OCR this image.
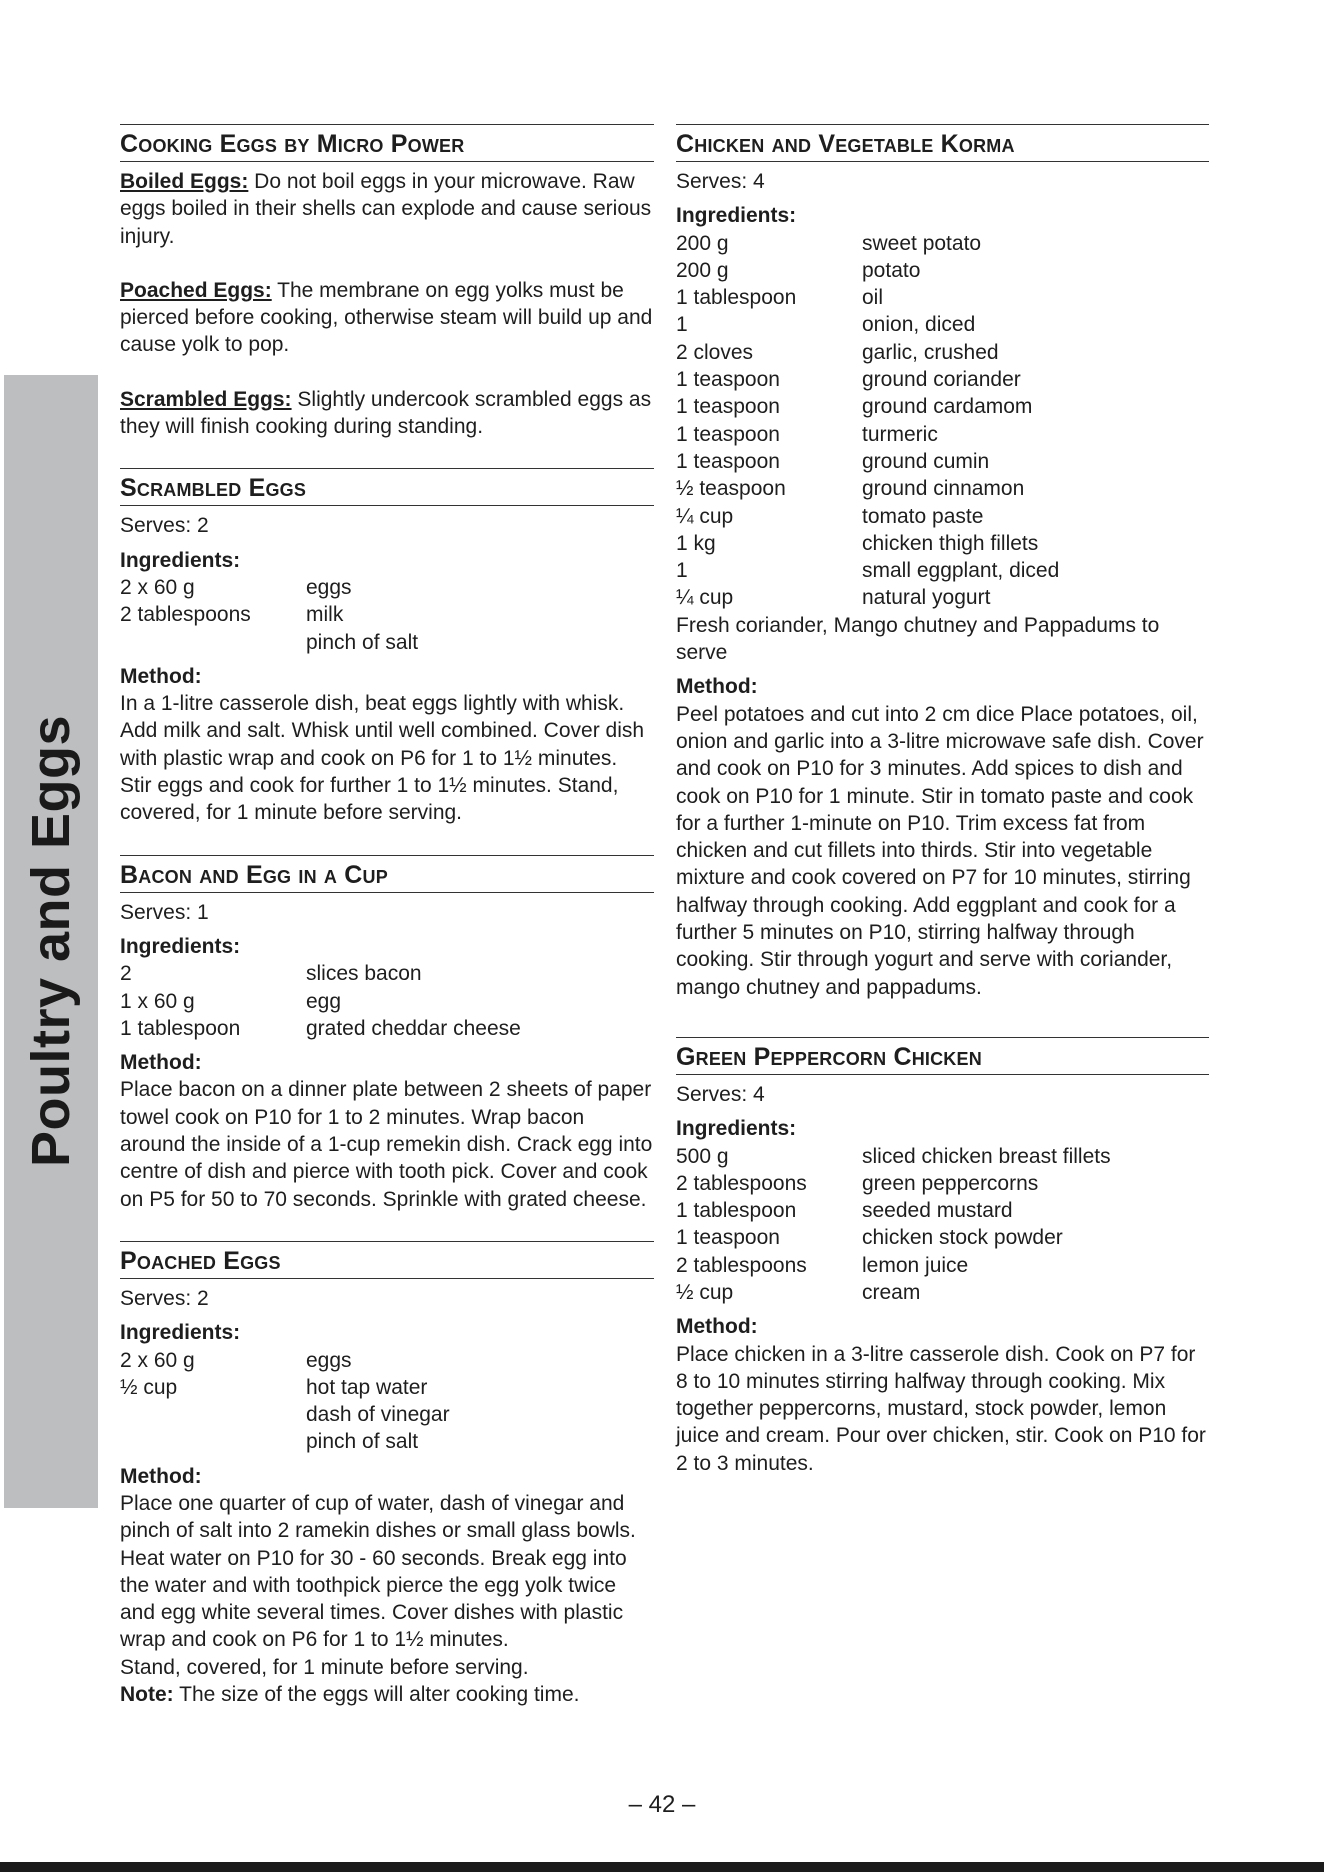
Poultry and Eggs
Cooking Eggs by Micro Power

Boiled Eggs: Do not boil eggs in your microwave. Raw eggs boiled in their shells can explode and cause serious injury.

Poached Eggs: The membrane on egg yolks must be pierced before cooking, otherwise steam will build up and cause yolk to pop.

Scrambled Eggs: Slightly undercook scrambled eggs as they will finish cooking during standing.

Scrambled Eggs
Serves: 2
Ingredients:
2 x 60 g	eggs
2 tablespoons	milk
pinch of salt
Method:
In a 1-litre casserole dish, beat eggs lightly with whisk. Add milk and salt. Whisk until well combined. Cover dish with plastic wrap and cook on P6 for 1 to 1½ minutes. Stir eggs and cook for further 1 to 1½ minutes. Stand, covered, for 1 minute before serving.
Bacon and Egg in a Cup
Serves: 1
Ingredients:
2	slices bacon
1 x 60 g	egg
1 tablespoon	grated cheddar cheese
Method:
Place bacon on a dinner plate between 2 sheets of paper towel cook on P10 for 1 to 2 minutes. Wrap bacon around the inside of a 1-cup remekin dish. Crack egg into centre of dish and pierce with tooth pick. Cover and cook on P5 for 50 to 70 seconds. Sprinkle with grated cheese.
Poached Eggs
Serves: 2
Ingredients:
2 x 60 g	eggs
½ cup	hot tap water
dash of vinegar
pinch of salt
Method:
Place one quarter of cup of water, dash of vinegar and pinch of salt into 2 ramekin dishes or small glass bowls. Heat water on P10 for 30 - 60 seconds. Break egg into the water and with toothpick pierce the egg yolk twice and egg white several times. Cover dishes with plastic wrap and cook on P6 for 1 to 1½ minutes.
Stand, covered, for 1 minute before serving.
Note: The size of the eggs will alter cooking time.
Chicken and Vegetable Korma
Serves: 4
Ingredients:
200 g	sweet potato
200 g	potato
1 tablespoon	oil
1	onion, diced
2 cloves	garlic, crushed
1 teaspoon	ground coriander
1 teaspoon	ground cardamom
1 teaspoon	turmeric
1 teaspoon	ground cumin
½ teaspoon	ground cinnamon
¼ cup	tomato paste
1 kg	chicken thigh fillets
1	small eggplant, diced
¼ cup	natural yogurt
Fresh coriander, Mango chutney and Pappadums to serve
Method:
Peel potatoes and cut into 2 cm dice Place potatoes, oil, onion and garlic into a 3-litre microwave safe dish. Cover and cook on P10 for 3 minutes. Add spices to dish and cook on P10 for 1 minute. Stir in tomato paste and cook for a further 1-minute on P10. Trim excess fat from chicken and cut fillets into thirds. Stir into vegetable mixture and cook covered on P7 for 10 minutes, stirring halfway through cooking. Add eggplant and cook for a further 5 minutes on P10, stirring halfway through cooking. Stir through yogurt and serve with coriander, mango chutney and pappadums.
Green Peppercorn Chicken
Serves: 4
Ingredients:
500 g	sliced chicken breast fillets
2 tablespoons	green peppercorns
1 tablespoon	seeded mustard
1 teaspoon	chicken stock powder
2 tablespoons	lemon juice
½ cup	cream
Method:
Place chicken in a 3-litre casserole dish. Cook on P7 for 8 to 10 minutes stirring halfway through cooking. Mix together peppercorns, mustard, stock powder, lemon juice and cream. Pour over chicken, stir. Cook on P10 for 2 to 3 minutes.
– 42 –
